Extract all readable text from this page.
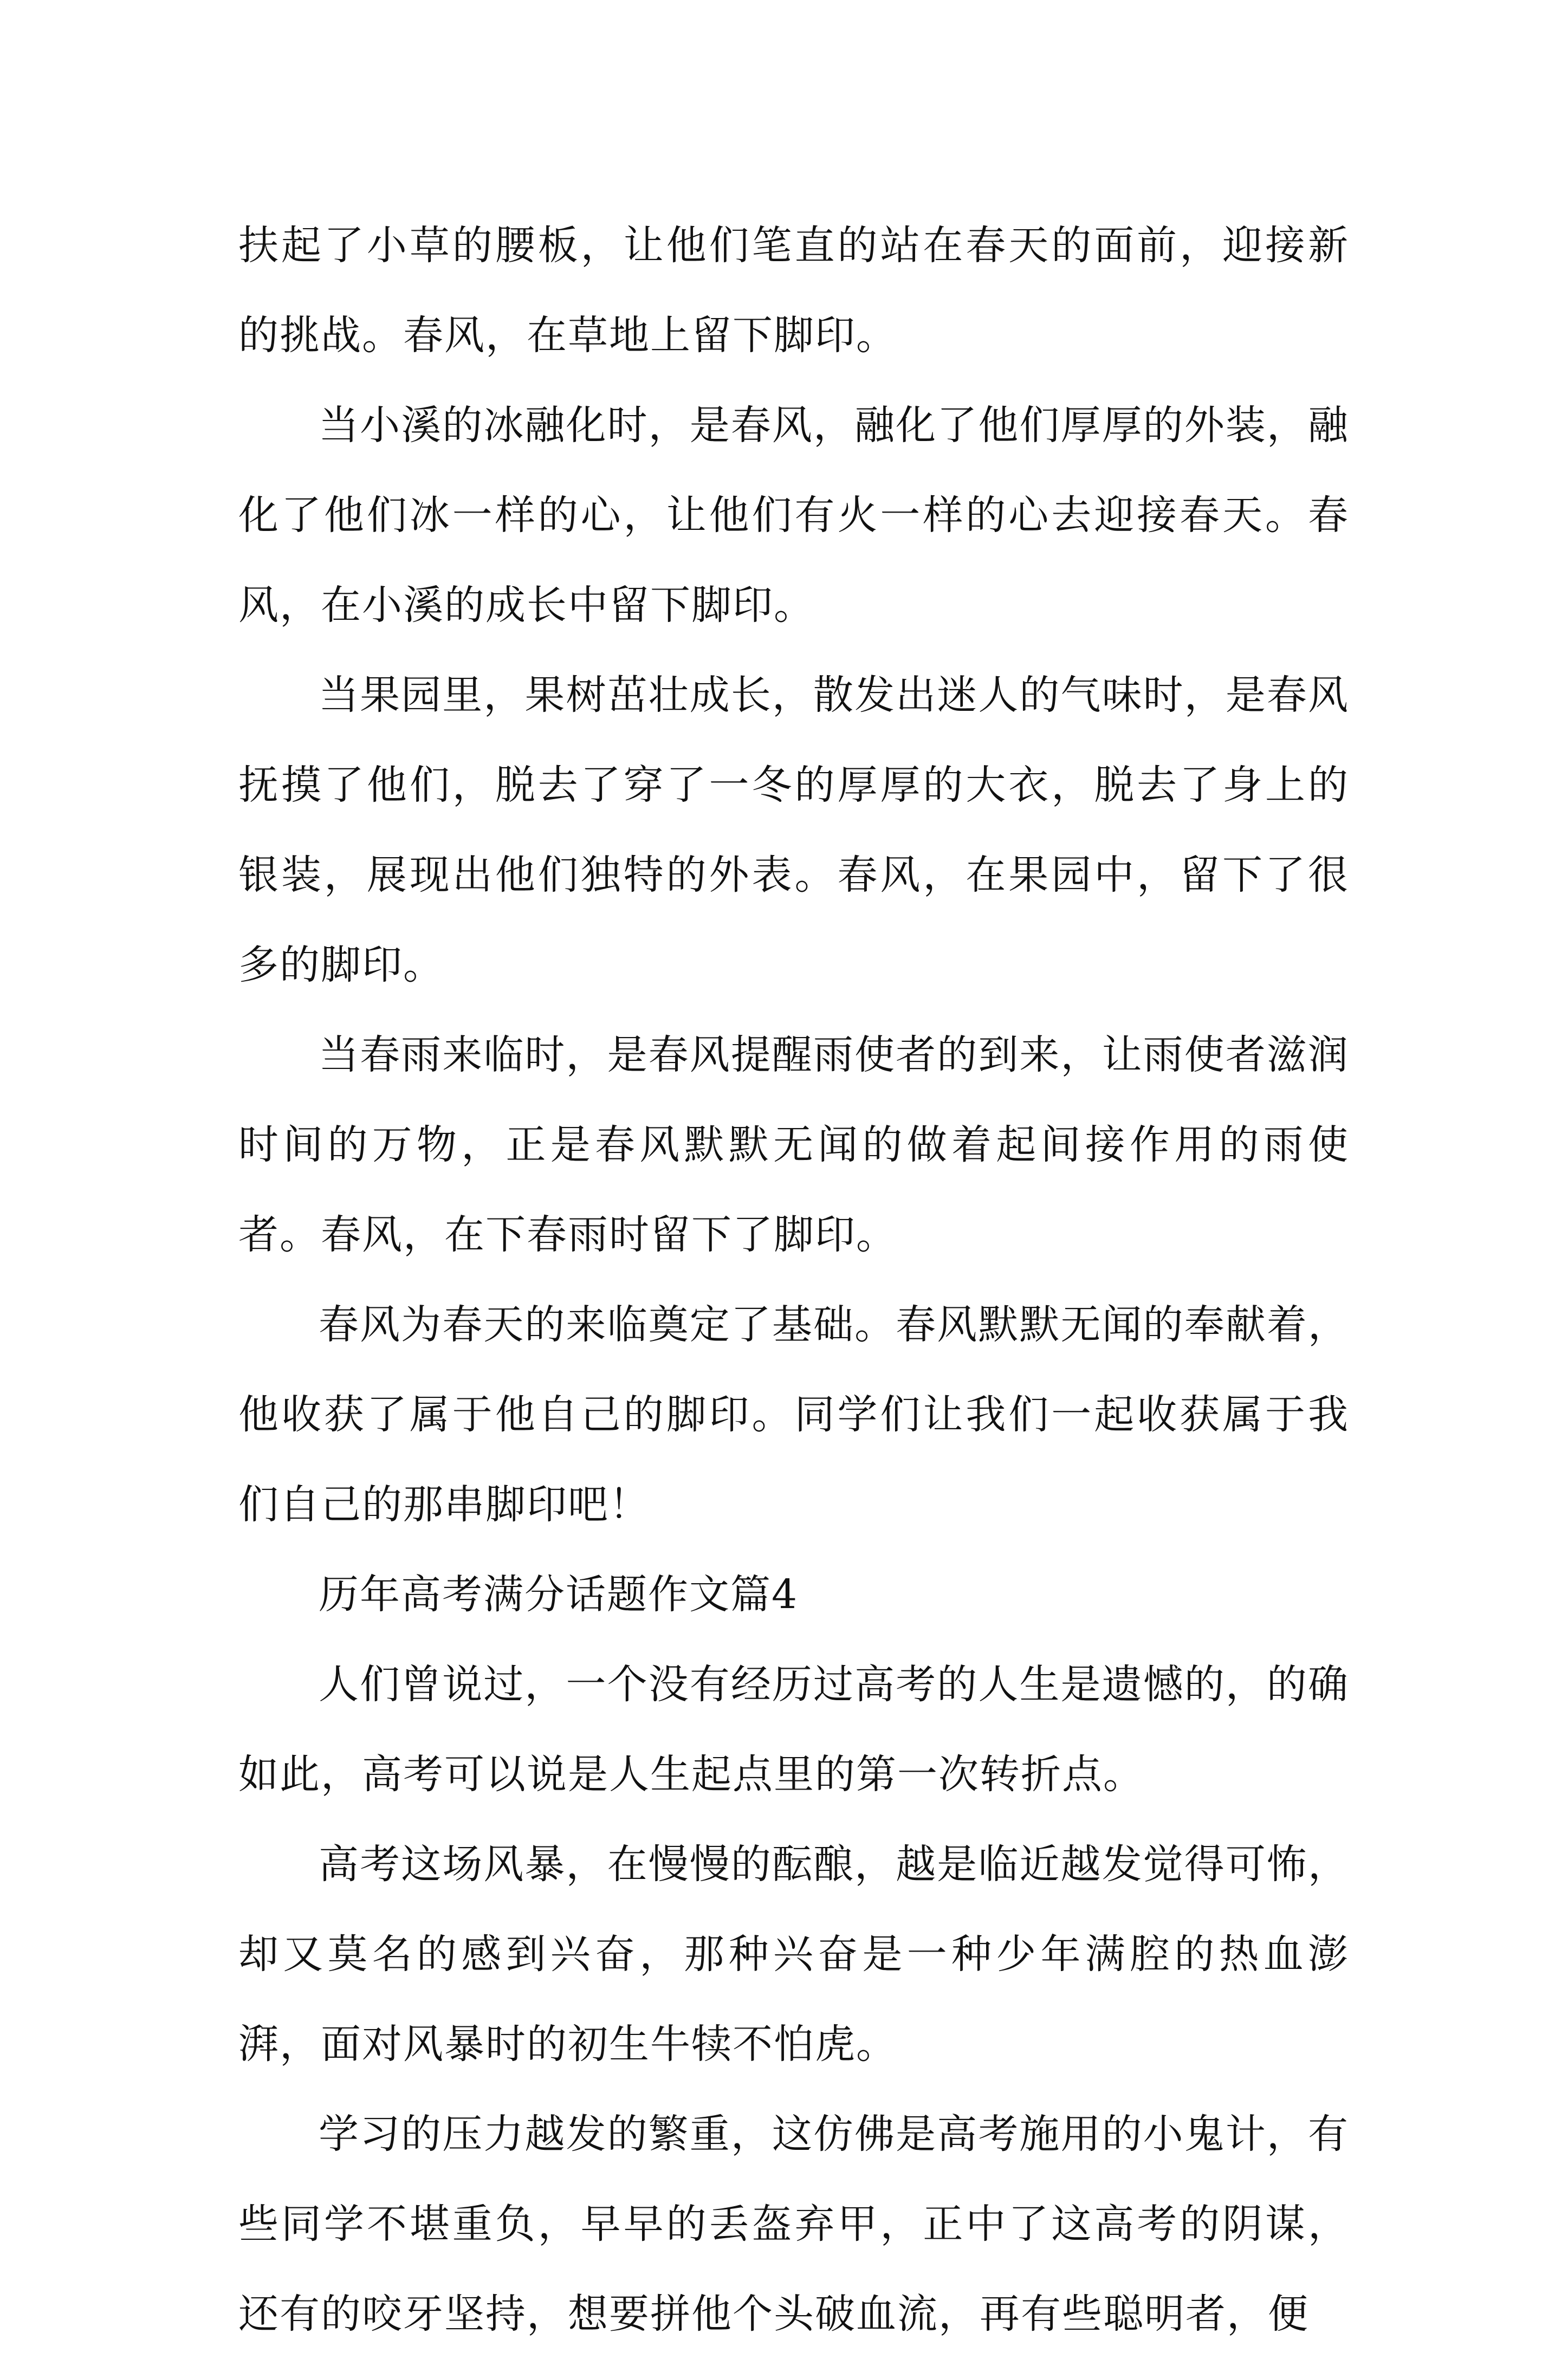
扶起了小草的腰板，让他们笔直的站在春天的面前，迎接新的挑战。春风，在草地上留下脚印。

当小溪的冰融化时，是春风，融化了他们厚厚的外装，融化了他们冰一样的心，让他们有火一样的心去迎接春天。春风，在小溪的成长中留下脚印。

当果园里，果树茁壮成长，散发出迷人的气味时，是春风抚摸了他们，脱去了穿了一冬的厚厚的大衣，脱去了身上的银装，展现出他们独特的外表。春风，在果园中，留下了很多的脚印。

当春雨来临时，是春风提醒雨使者的到来，让雨使者滋润时间的万物，正是春风默默无闻的做着起间接作用的雨使者。春风，在下春雨时留下了脚印。

春风为春天的来临奠定了基础。春风默默无闻的奉献着，他收获了属于他自己的脚印。同学们让我们一起收获属于我们自己的那串脚印吧！

历年高考满分话题作文篇4

人们曾说过，一个没有经历过高考的人生是遗憾的，的确如此，高考可以说是人生起点里的第一次转折点。

高考这场风暴，在慢慢的酝酿，越是临近越发觉得可怖，却又莫名的感到兴奋，那种兴奋是一种少年满腔的热血澎湃，面对风暴时的初生牛犊不怕虎。

学习的压力越发的繁重，这仿佛是高考施用的小鬼计，有些同学不堪重负，早早的丢盔弃甲，正中了这高考的阴谋，还有的咬牙坚持，想要拼他个头破血流，再有些聪明者，便
